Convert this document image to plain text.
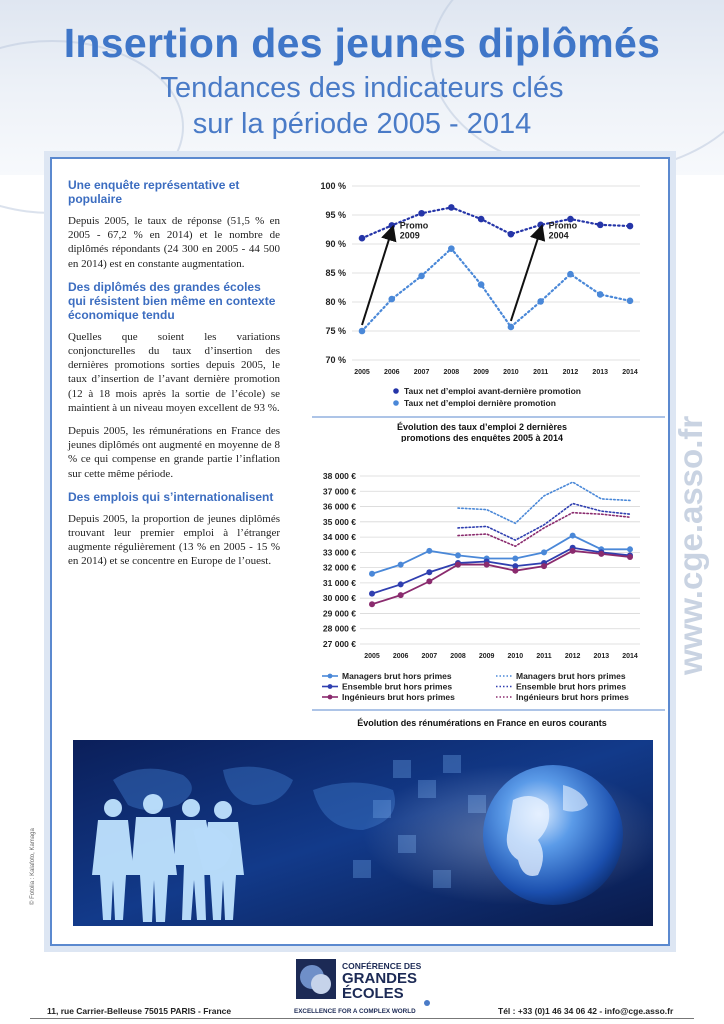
Insertion des jeunes diplômés
Tendances des indicateurs clés
sur la période 2005 - 2014
Une enquête représentative et populaire

Depuis 2005, le taux de réponse (51,5 % en 2005 - 67,2 % en 2014) et le nombre de diplômés répondants (24 300 en 2005 - 44 500 en 2014) est en constante augmentation.

Des diplômés des grandes écoles qui résistent bien même en contexte économique tendu

Quelles que soient les variations conjoncturelles du taux d’insertion des dernières promotions sorties depuis 2005, le taux d’insertion de l’avant dernière promotion (12 à 18 mois après la sortie de l’école) se maintient à un niveau moyen excellent de 93 %.

Depuis 2005, les rémunérations en France des jeunes diplômés ont augmenté en moyenne de 8 % ce qui compense en grande partie l’inflation sur cette même période.

Des emplois qui s’internationalisent

Depuis 2005, la proportion de jeunes diplômés trouvant leur premier emploi à l’étranger augmente régulièrement (13 % en 2005 - 15 % en 2014) et se concentre en Europe de l’ouest.

70 %
75 %
80 %
85 %
90 %
95 %
100 %
2005 2006 2007 2008 2009 2010 2011 2012 2013 2014
Taux net d’emploi avant-dernière promotion
Taux net d’emploi dernière promotion
Promo
2009
Promo
2004
Évolution des taux d’emploi 2 dernières
promotions des enquêtes 2005 à 2014
27 000 €
28 000 €
29 000 €
30 000 €
31 000 €
32 000 €
33 000 €
34 000 €
35 000 €
36 000 €
37 000 €
38 000 €
2005 2006 2007 2008 2009 2010 2011 2012 2013 2014
Managers brut hors primes
Ensemble brut hors primes
Ingénieurs brut hors primes
Managers brut hors primes
Ensemble brut hors primes
Ingénieurs brut hors primes
Évolution des rénumérations en France en euros courants
© Fotolia : Kalafoto, Kamaga
www.cge.asso.fr
CONFÉRENCE DES
GRANDES
ÉCOLES
EXCELLENCE FOR A COMPLEX WORLD
11, rue Carrier-Belleuse 75015 PARIS - France	Tél : +33 (0)1 46 34 06 42 - info@cge.asso.fr
